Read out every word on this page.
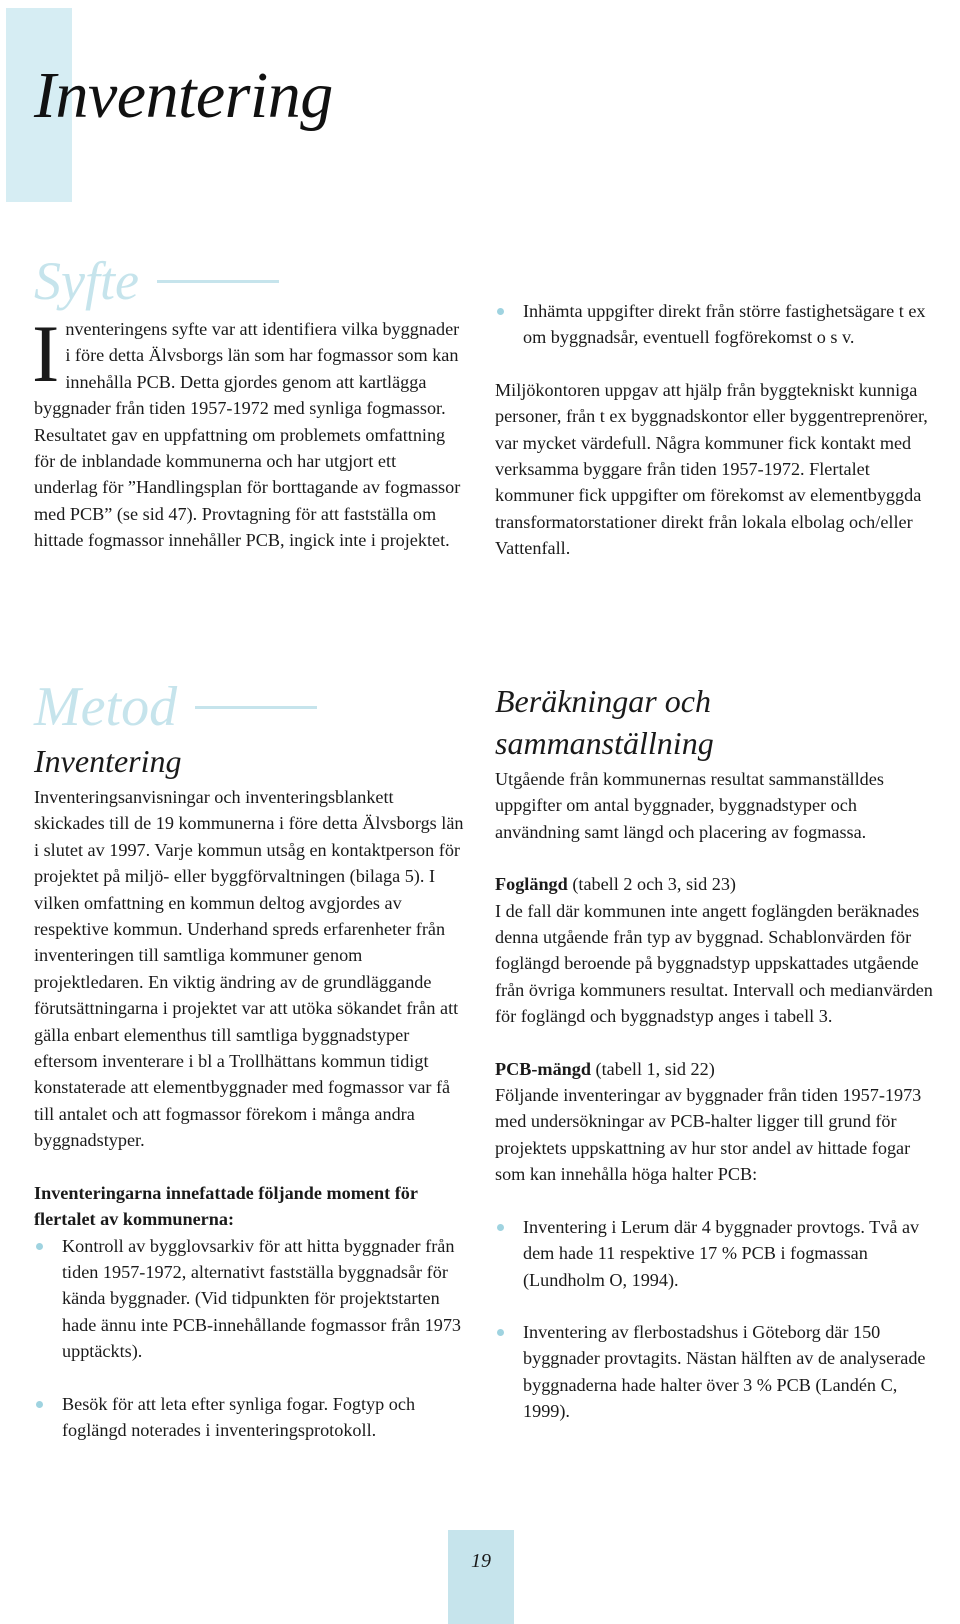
Inventering
Syfte

Inventeringens syfte var att identifiera vilka byggnader i före detta Älvsborgs län som har fogmassor som kan innehålla PCB. Detta gjordes genom att kartlägga byggnader från tiden 1957-1972 med synliga fogmassor. Resultatet gav en uppfattning om problemets omfattning för de inblandade kommunerna och har utgjort ett underlag för ”Handlingsplan för borttagande av fogmassor med PCB” (se sid 47). Provtagning för att fastställa om hittade fogmassor innehåller PCB, ingick inte i projektet.

Inhämta uppgifter direkt från större fastighetsägare t ex om byggnadsår, eventuell fogförekomst o s v.

Miljökontoren uppgav att hjälp från byggtekniskt kunniga personer, från t ex byggnadskontor eller byggentreprenörer, var mycket värdefull. Några kommuner fick kontakt med verksamma byggare från tiden 1957-1972. Flertalet kommuner fick uppgifter om förekomst av elementbyggda transformatorstationer direkt från lokala elbolag och/eller Vattenfall.

Metod
Inventering

Inventeringsanvisningar och inventeringsblankett skickades till de 19 kommunerna i före detta Älvsborgs län i slutet av 1997. Varje kommun utsåg en kontaktperson för projektet på miljö- eller byggförvaltningen (bilaga 5). I vilken omfattning en kommun deltog avgjordes av respektive kommun. Underhand spreds erfarenheter från inventeringen till samtliga kommuner genom projektledaren. En viktig ändring av de grundläggande förutsättningarna i projektet var att utöka sökandet från att gälla enbart elementhus till samtliga byggnadstyper eftersom inventerare i bl a Trollhättans kommun tidigt konstaterade att elementbyggnader med fogmassor var få till antalet och att fogmassor förekom i många andra byggnadstyper.

Inventeringarna innefattade följande moment för flertalet av kommunerna:

Kontroll av bygglovsarkiv för att hitta byggnader från tiden 1957-1972, alternativt fastställa byggnadsår för kända byggnader. (Vid tidpunkten för projektstarten hade ännu inte PCB-innehållande fogmassor från 1973 upptäckts).
Besök för att leta efter synliga fogar. Fogtyp och foglängd noterades i inventeringsprotokoll.
Beräkningar och sammanställning

Utgående från kommunernas resultat sammanställdes uppgifter om antal byggnader, byggnadstyper och användning samt längd och placering av fogmassa.

Foglängd (tabell 2 och 3, sid 23)

I de fall där kommunen inte angett foglängden beräknades denna utgående från typ av byggnad. Schablonvärden för foglängd beroende på byggnadstyp uppskattades utgående från övriga kommuners resultat. Intervall och medianvärden för foglängd och byggnadstyp anges i tabell 3.

PCB-mängd (tabell 1, sid 22)

Följande inventeringar av byggnader från tiden 1957-1973 med undersökningar av PCB-halter ligger till grund för projektets uppskattning av hur stor andel av hittade fogar som kan innehålla höga halter PCB:

Inventering i Lerum där 4 byggnader provtogs. Två av dem hade 11 respektive 17 % PCB i fogmassan (Lundholm O, 1994).
Inventering av flerbostadshus i Göteborg där 150 byggnader provtagits. Nästan hälften av de analyserade byggnaderna hade halter över 3 % PCB (Landén C, 1999).
19
